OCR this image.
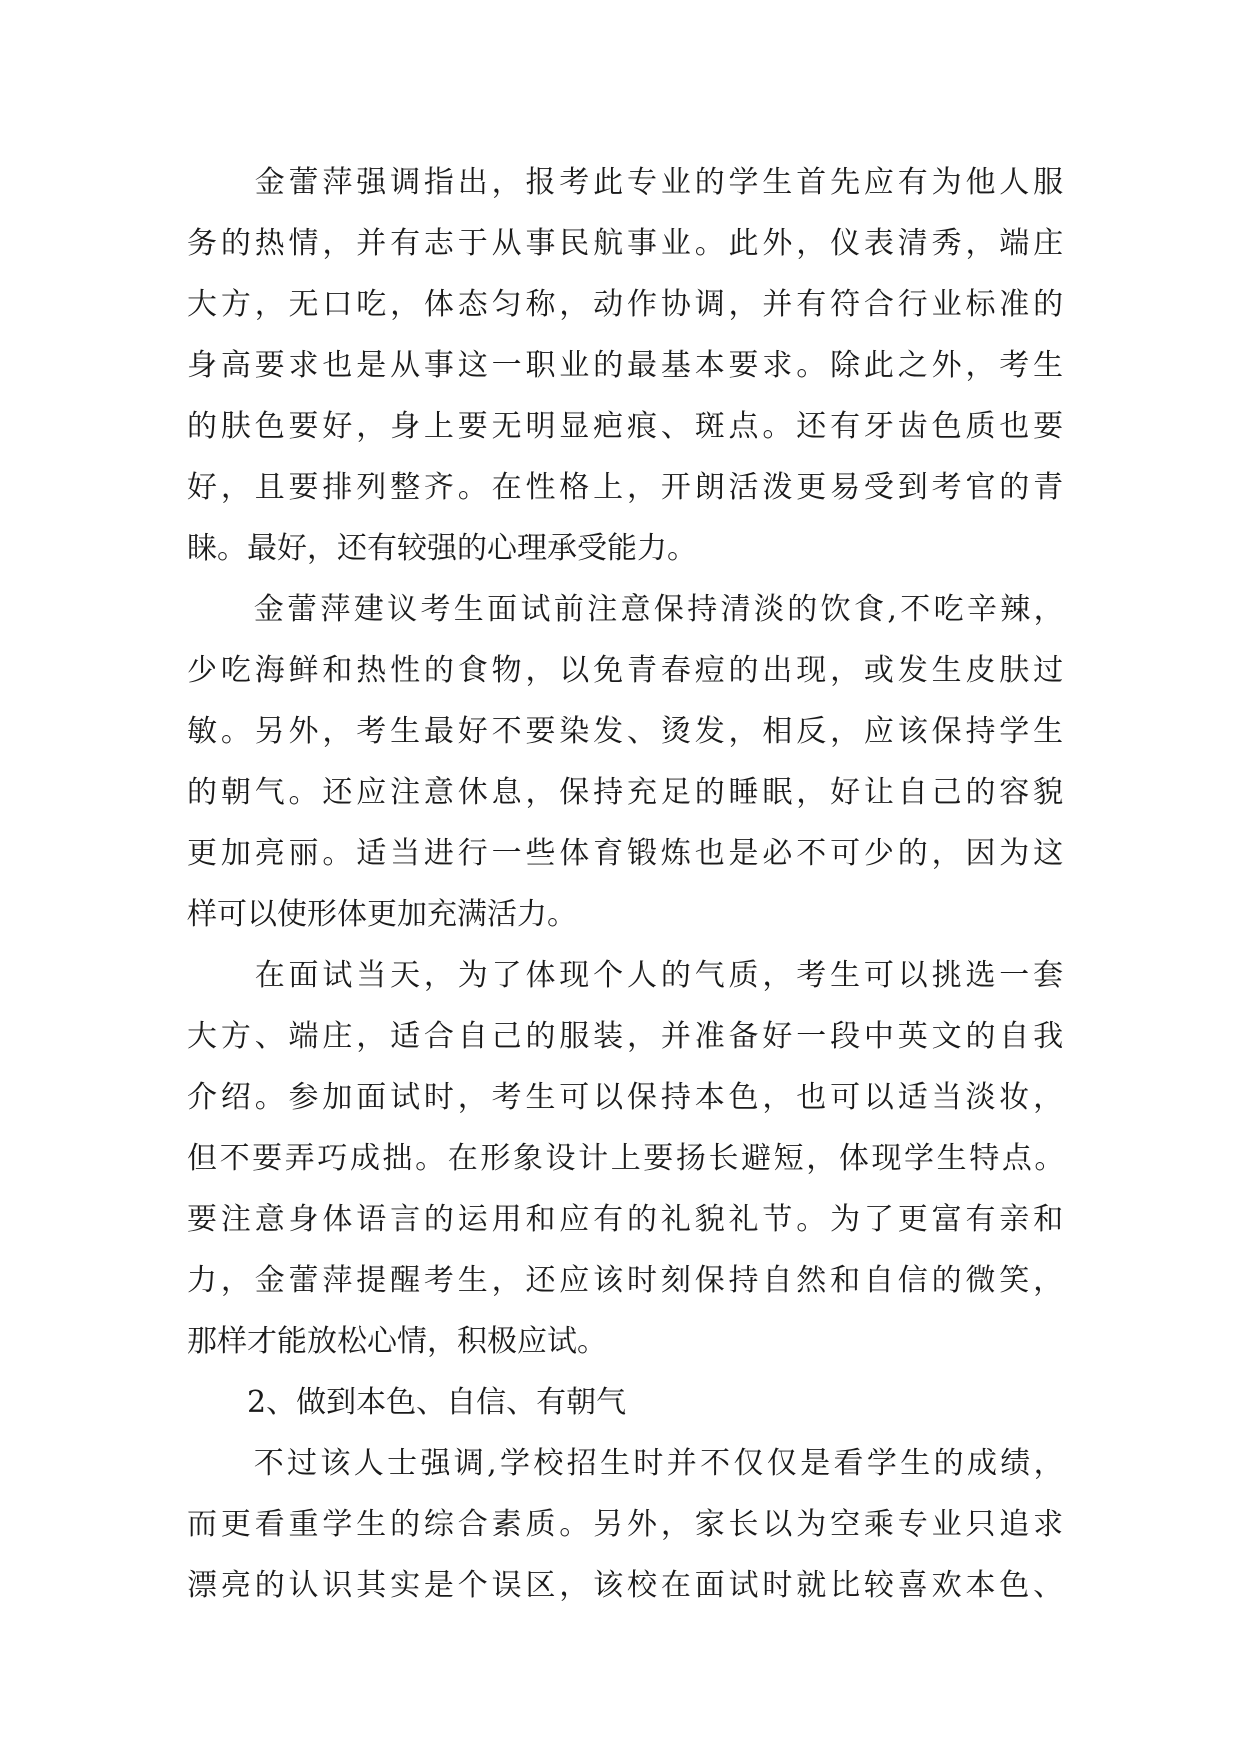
　　金蕾萍强调指出，报考此专业的学生首先应有为他人服

务的热情，并有志于从事民航事业。此外，仪表清秀，端庄

大方，无口吃，体态匀称，动作协调，并有符合行业标准的

身高要求也是从事这一职业的最基本要求。除此之外，考生

的肤色要好，身上要无明显疤痕、斑点。还有牙齿色质也要

好，且要排列整齐。在性格上，开朗活泼更易受到考官的青

睐。最好，还有较强的心理承受能力。

　　金蕾萍建议考生面试前注意保持清淡的饮食,不吃辛辣，

少吃海鲜和热性的食物，以免青春痘的出现，或发生皮肤过

敏。另外，考生最好不要染发、烫发，相反，应该保持学生

的朝气。还应注意休息，保持充足的睡眠，好让自己的容貌

更加亮丽。适当进行一些体育锻炼也是必不可少的，因为这

样可以使形体更加充满活力。

　　在面试当天，为了体现个人的气质，考生可以挑选一套

大方、端庄，适合自己的服装，并准备好一段中英文的自我

介绍。参加面试时，考生可以保持本色，也可以适当淡妆，

但不要弄巧成拙。在形象设计上要扬长避短，体现学生特点。

要注意身体语言的运用和应有的礼貌礼节。为了更富有亲和

力，金蕾萍提醒考生，还应该时刻保持自然和自信的微笑，

那样才能放松心情，积极应试。

　　2、做到本色、自信、有朝气

　　不过该人士强调,学校招生时并不仅仅是看学生的成绩，

而更看重学生的综合素质。另外，家长以为空乘专业只追求

漂亮的认识其实是个误区，该校在面试时就比较喜欢本色、
